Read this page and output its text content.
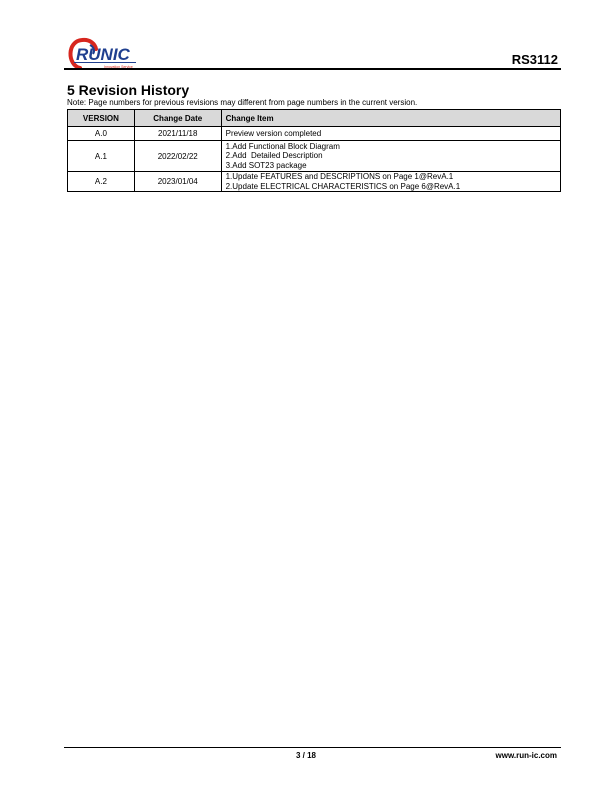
RUNIC
Innovation Service	RS3112
5 Revision History
Note: Page numbers for previous revisions may different from page numbers in the current version.
VERSION	Change Date	Change Item
A.0	2021/11/18	Preview version completed

A.1	2022/02/22	1.Add Functional Block Diagram
2.Add  Detailed Description
3.Add SOT23 package

A.2	2023/01/04	1.Update FEATURES and DESCRIPTIONS on Page 1@RevA.1
2.Update ELECTRICAL CHARACTERISTICS on Page 6@RevA.1
3 / 18	www.run-ic.com
